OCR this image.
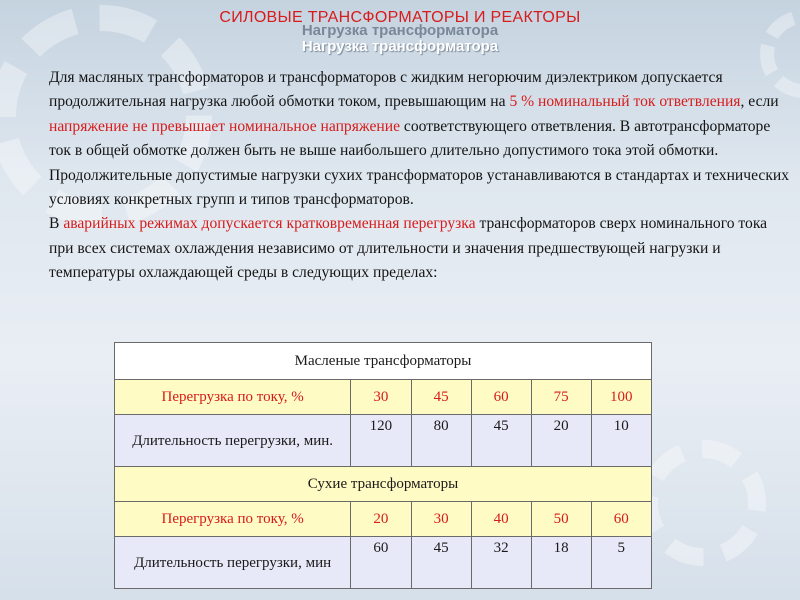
СИЛОВЫЕ ТРАНСФОРМАТОРЫ И РЕАКТОРЫ
Нагрузка трансформатора
Нагрузка трансформатора

Для масляных трансформаторов и трансформаторов с жидким негорючим диэлектриком допускается продолжительная нагрузка любой обмотки током, превышающим на 5 % номинальный ток ответвления, если напряжение не превышает номинальное напряжение соответствующего ответвления. В автотрансформаторе ток в общей обмотке должен быть не выше наибольшего длительно допустимого тока этой обмотки.

Продолжительные допустимые нагрузки сухих трансформаторов устанавливаются в стандартах и технических условиях конкретных групп и типов трансформаторов.

В аварийных режимах допускается кратковременная перегрузка трансформаторов сверх номинального тока при всех системах охлаждения независимо от длительности и значения предшествующей нагрузки и температуры охлаждающей среды в следующих пределах:

Масленые трансформаторы					
Перегрузка по току, %	30	45	60	75	100
Длительность перегрузки, мин.	120	80	45	20	10
Сухие трансформаторы					
Перегрузка по току, %	20	30	40	50	60
Длительность перегрузки, мин	60	45	32	18	5
